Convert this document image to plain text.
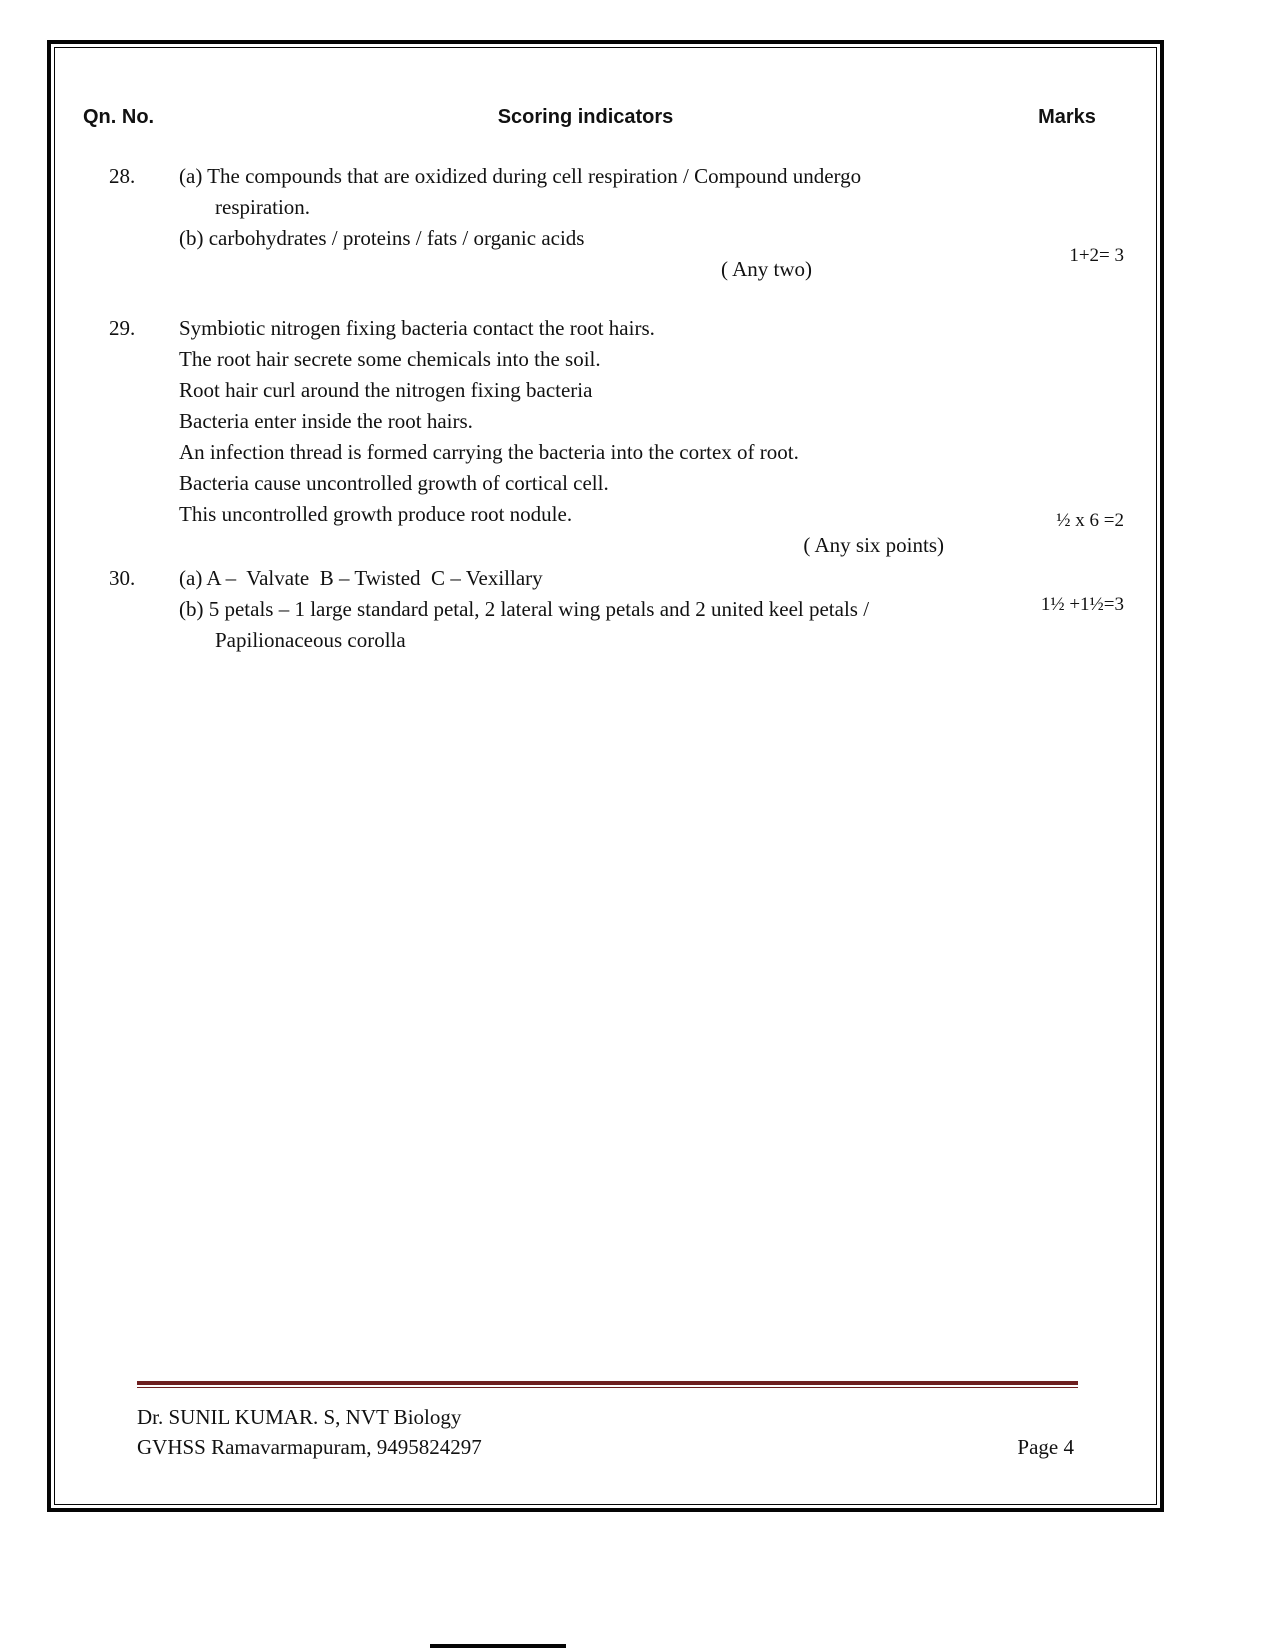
Qn. No.	Scoring indicators	Marks
28.	(a) The compounds that are oxidized during cell respiration / Compound undergo
respiration.
(b) carbohydrates / proteins / fats / organic acids
( Any two)
1+2= 3
29.	Symbiotic nitrogen fixing bacteria contact the root hairs.
The root hair secrete some chemicals into the soil.
Root hair curl around the nitrogen fixing bacteria
Bacteria enter inside the root hairs.
An infection thread is formed carrying the bacteria into the cortex of root.
Bacteria cause uncontrolled growth of cortical cell.
This uncontrolled growth produce root nodule.
( Any six points)
½ x 6 =2
30.	(a) A –  Valvate  B – Twisted  C – Vexillary
(b) 5 petals – 1 large standard petal, 2 lateral wing petals and 2 united keel petals /
Papilionaceous corolla
1½ +1½=3
Dr. SUNIL KUMAR. S, NVT Biology
GVHSS Ramavarmapuram, 9495824297	Page 4
